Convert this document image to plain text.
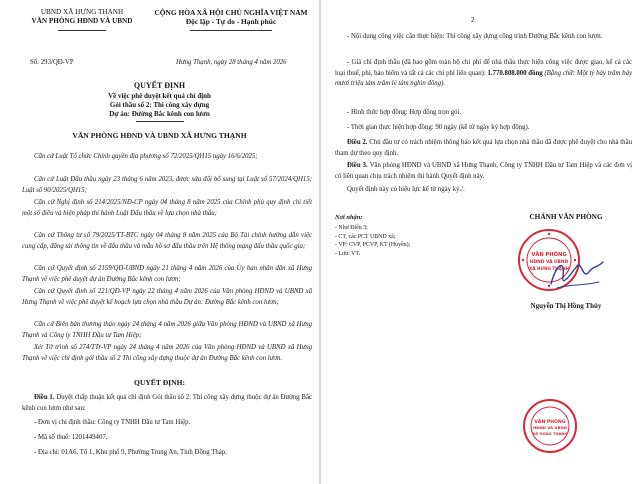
UBND XÃ HƯNG THẠNH
VĂN PHÒNG HĐND VÀ UBND
CỘNG HÒA XÃ HỘI CHỦ NGHĨA VIỆT NAM
Độc lập - Tự do - Hạnh phúc
Số: 293/QĐ-VP	Hưng Thạnh, ngày 28 tháng 4 năm 2026
QUYẾT ĐỊNH
Về việc phê duyệt kết quả chỉ định
Gói thầu số 2: Thi công xây dựng
Dự án: Đường Bắc kênh con lươn
VĂN PHÒNG HĐND VÀ UBND XÃ HƯNG THẠNH
Căn cứ Luật Tổ chức Chính quyền địa phương số 72/2025/QH15 ngày 16/6/2025;
Căn cứ Luật Đấu thầu ngày 23 tháng 6 năm 2023, được sửa đổi bổ sung tại Luật số 57/2024/QH15; Luật số 90/2025/QH15;
Căn cứ Nghị định số 214/2025/NĐ-CP ngày 04 tháng 8 năm 2025 của Chính phủ quy định chi tiết một số điều và biện pháp thi hành Luật Đấu thầu về lựa chọn nhà thầu;
Căn cứ Thông tư số 79/2025/TT-BTC ngày 04 tháng 8 năm 2025 của Bộ Tài chính hướng dẫn việc cung cấp, đăng tải thông tin về đấu thầu và mẫu hồ sơ đấu thầu trên Hệ thống mạng đấu thầu quốc gia;
Căn cứ Quyết định số 2159/QĐ-UBND ngày 21 tháng 4 năm 2026 của Ủy ban nhân dân xã Hưng Thạnh về việc phê duyệt dự án Đường Bắc kênh con lươn;
Căn cứ Quyết định số 221/QĐ-VP ngày 22 tháng 4 năm 2026 của Văn phòng HĐND và UBND xã Hưng Thạnh về việc phê duyệt kế hoạch lựa chọn nhà thầu Dự án: Đường Bắc kênh con lươn;
Căn cứ Biên bản thương thảo ngày 24 tháng 4 năm 2026 giữa Văn phòng HĐND và UBND xã Hưng Thạnh và Công ty TNHH Đầu tư Tam Hiệp;
Xét Tờ trình số 274/TTr-VP ngày 24 tháng 4 năm 2026 của Văn phòng HĐND và UBND xã Hưng Thạnh về việc chỉ định gói thầu số 2 Thi công xây dựng thuộc dự án Đường Bắc kênh con lươn.
QUYẾT ĐỊNH:
Điều 1. Duyệt chấp thuận kết quả chỉ định Gói thầu số 2: Thi công xây dựng thuộc dự án Đường Bắc kênh con lươn như sau:
- Đơn vị chỉ định thầu: Công ty TNHH Đầu tư Tam Hiệp.
- Mã số thuế: 1201449407.
- Địa chỉ: 01A6, Tổ 1, Khu phố 9, Phường Trung An, Tỉnh Đồng Tháp.
2
- Nội dung công việc cần thực hiện: Thi công xây dựng công trình Đường Bắc kênh con lươn.
- Giá chỉ định thầu (đã bao gồm toàn bộ chi phí để nhà thầu thực hiện công việc được giao, kể cả các loại thuế, phí, bảo hiểm và tất cả các chi phí liên quan): 1.770.808.000 đồng (Bằng chữ: Một tỷ bảy trăm bảy mươi triệu tám trăm lẻ tám nghìn đồng).
- Hình thức hợp đồng: Hợp đồng trọn gói.
- Thời gian thực hiện hợp đồng: 90 ngày (kể từ ngày ký hợp đồng).
Điều 2. Chủ đầu tư có trách nhiệm thông báo kết quả lựa chọn nhà thầu đã được phê duyệt cho nhà thầu tham dự theo quy định.
Điều 3. Văn phòng HĐND và UBND xã Hưng Thạnh, Công ty TNHH Đầu tư Tam Hiệp và các đơn vị có liên quan chịu trách nhiệm thi hành Quyết định này.
Quyết định này có hiệu lực kể từ ngày ký./.
Nơi nhận:
- Như Điều 3;
- CT, các PCT UBND xã;
- VP: CVP, PCVP, KT (Huyền);
- Lưu: VT.
CHÁNH VĂN PHÒNG
VĂN PHÒNG
HĐND VÀ UBND
XÃ HƯNG THẠNH
Nguyễn Thị Hồng Thúy
VĂN PHÒNG
HĐND VÀ UBND
XÃ HƯNG THẠNH
